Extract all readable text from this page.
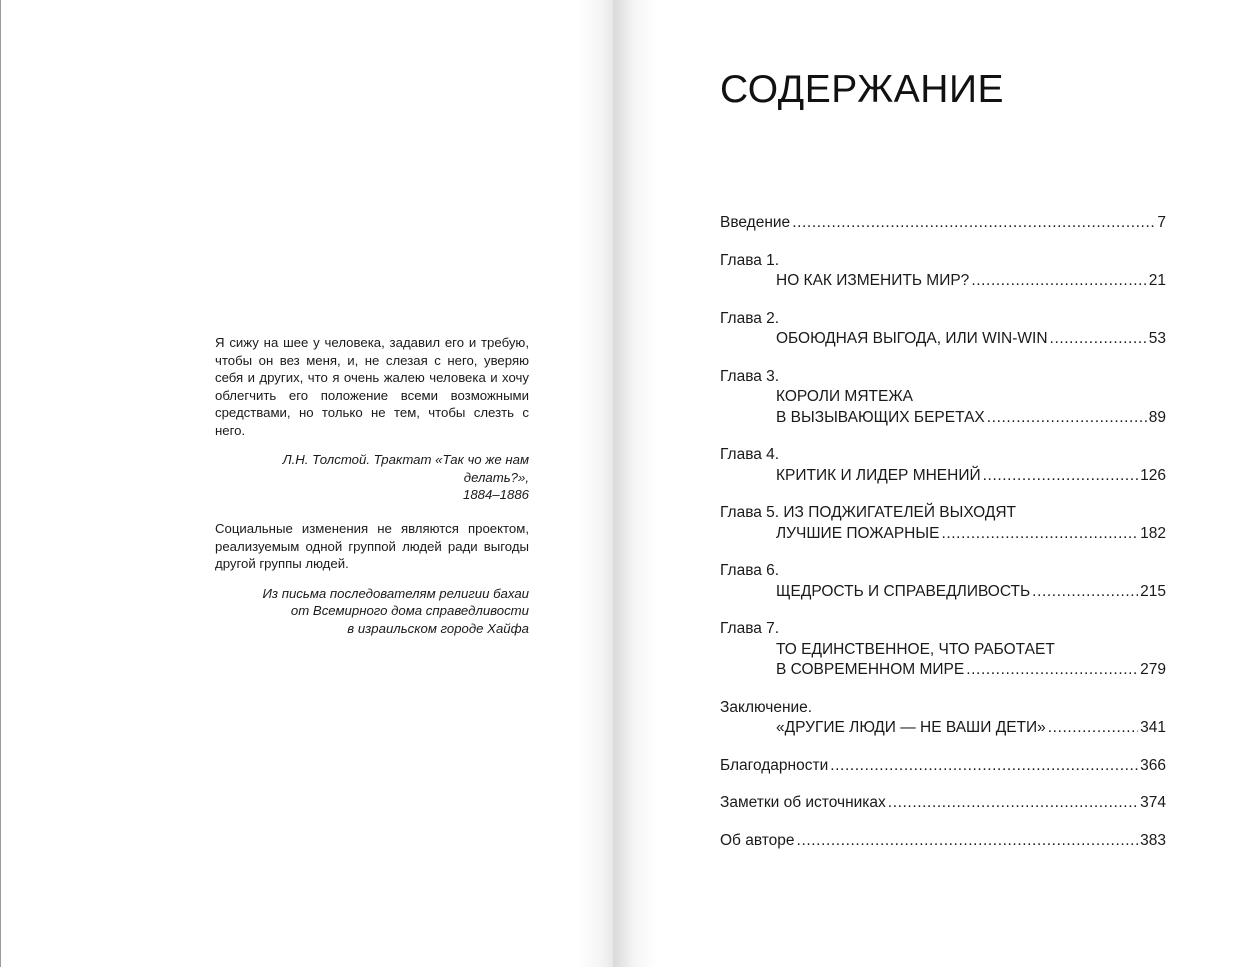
Я сижу на шее у человека, задавил его и требую, чтобы он вез меня, и, не слезая с него, уверяю себя и других, что я очень жалею человека и хочу облегчить его положение всеми возможными средствами, но только не тем, чтобы слезть с него.

Л.Н. Толстой. Трактат «Так чо же нам делать?»,
1884–1886

Социальные изменения не являются проектом, реализуемым одной группой людей ради выгоды другой группы людей.

Из письма последователям религии бахаи
от Всемирного дома справедливости
в израильском городе Хайфа

СОДЕРЖАНИЕ
Введение .....	7
Глава 1.
НО КАК ИЗМЕНИТЬ МИР? .....	21
Глава 2.
ОБОЮДНАЯ ВЫГОДА, ИЛИ WIN-WIN .....	53
Глава 3.
КОРОЛИ МЯТЕЖА
В ВЫЗЫВАЮЩИХ БЕРЕТАХ .....	89
Глава 4.
КРИТИК И ЛИДЕР МНЕНИЙ .....	126
Глава 5. ИЗ ПОДЖИГАТЕЛЕЙ ВЫХОДЯТ
ЛУЧШИЕ ПОЖАРНЫЕ .....	182
Глава 6.
ЩЕДРОСТЬ И СПРАВЕДЛИВОСТЬ .....	215
Глава 7.
ТО ЕДИНСТВЕННОЕ, ЧТО РАБОТАЕТ
В СОВРЕМЕННОМ МИРЕ .....	279
Заключение.
«ДРУГИЕ ЛЮДИ — НЕ ВАШИ ДЕТИ» .....	341
Благодарности .....	366
Заметки об источниках .....	374
Об авторе .....	383
